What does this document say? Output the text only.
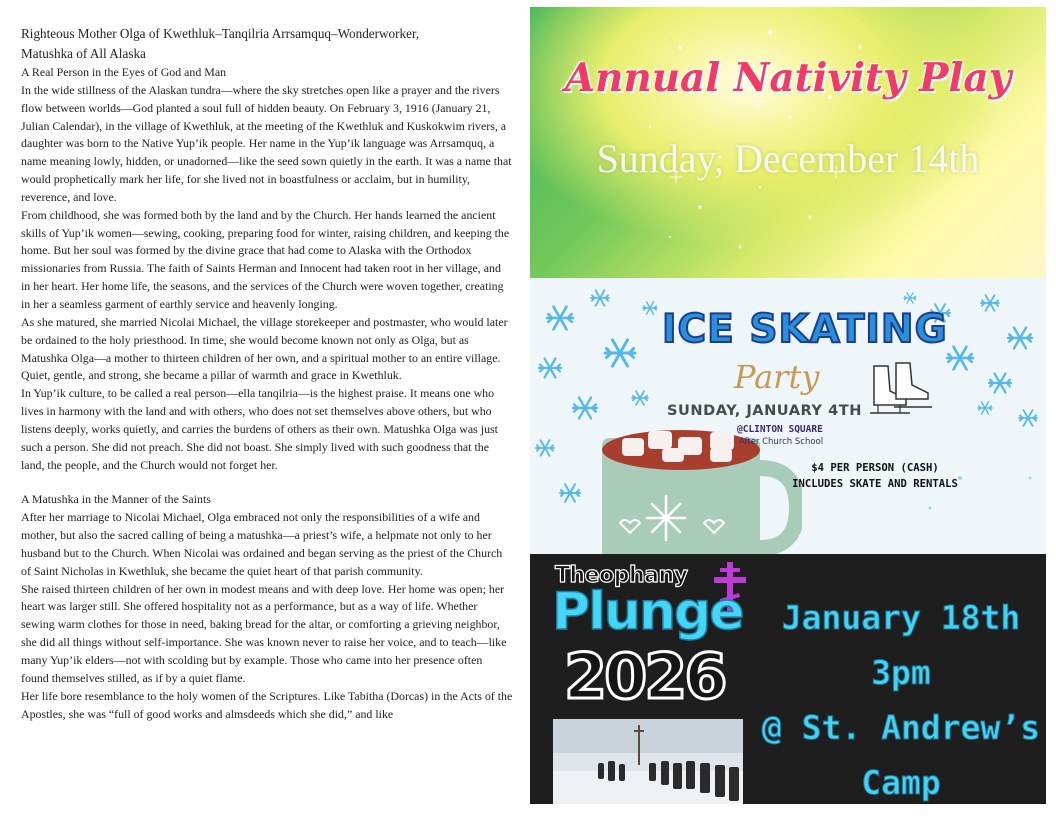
Righteous Mother Olga of Kwethluk–Tanqilria Arrsamquq–Wonderworker,

Matushka of All Alaska

A Real Person in the Eyes of God and Man

In the wide stillness of the Alaskan tundra—where the sky stretches open like a prayer and the rivers flow between worlds—God planted a soul full of hidden beauty. On February 3, 1916 (January 21, Julian Calendar), in the village of Kwethluk, at the meeting of the Kwethluk and Kuskokwim rivers, a daughter was born to the Native Yup’ik people. Her name in the Yup’ik language was Arrsamquq, a name meaning lowly, hidden, or unadorned—like the seed sown quietly in the earth. It was a name that would prophetically mark her life, for she lived not in boastfulness or acclaim, but in humility, reverence, and love.

From childhood, she was formed both by the land and by the Church. Her hands learned the ancient skills of Yup’ik women—sewing, cooking, preparing food for winter, raising children, and keeping the home. But her soul was formed by the divine grace that had come to Alaska with the Orthodox missionaries from Russia. The faith of Saints Herman and Innocent had taken root in her village, and in her heart. Her home life, the seasons, and the services of the Church were woven together, creating in her a seamless garment of earthly service and heavenly longing.

As she matured, she married Nicolai Michael, the village storekeeper and postmaster, who would later be ordained to the holy priesthood. In time, she would become known not only as Olga, but as Matushka Olga—a mother to thirteen children of her own, and a spiritual mother to an entire village. Quiet, gentle, and strong, she became a pillar of warmth and grace in Kwethluk.

In Yup’ik culture, to be called a real person—ella tanqilria—is the highest praise. It means one who lives in harmony with the land and with others, who does not set themselves above others, but who listens deeply, works quietly, and carries the burdens of others as their own. Matushka Olga was just such a person. She did not preach. She did not boast. She simply lived with such goodness that the land, the people, and the Church would not forget her.

A Matushka in the Manner of the Saints

After her marriage to Nicolai Michael, Olga embraced not only the responsibilities of a wife and mother, but also the sacred calling of being a matushka—a priest’s wife, a helpmate not only to her husband but to the Church. When Nicolai was ordained and began serving as the priest of the Church of Saint Nicholas in Kwethluk, she became the quiet heart of that parish community.

She raised thirteen children of her own in modest means and with deep love. Her home was open; her heart was larger still. She offered hospitality not as a performance, but as a way of life. Whether sewing warm clothes for those in need, baking bread for the altar, or comforting a grieving neighbor, she did all things without self-importance. She was known never to raise her voice, and to teach—like many Yup’ik elders—not with scolding but by example. Those who came into her presence often found themselves stilled, as if by a quiet flame.

Her life bore resemblance to the holy women of the Scriptures. Like Tabitha (Dorcas) in the Acts of the Apostles, she was “full of good works and almsdeeds which she did,” and like

Annual Nativity Play
Sunday, December 14th
ICE SKATING
Party
SUNDAY, JANUARY 4TH
@CLINTON SQUARE
After Church School
$4 PER PERSON (CASH)
INCLUDES SKATE AND RENTALS
Theophany
Plunge
2026
January 18th
3pm
@ St. Andrew’s
Camp
